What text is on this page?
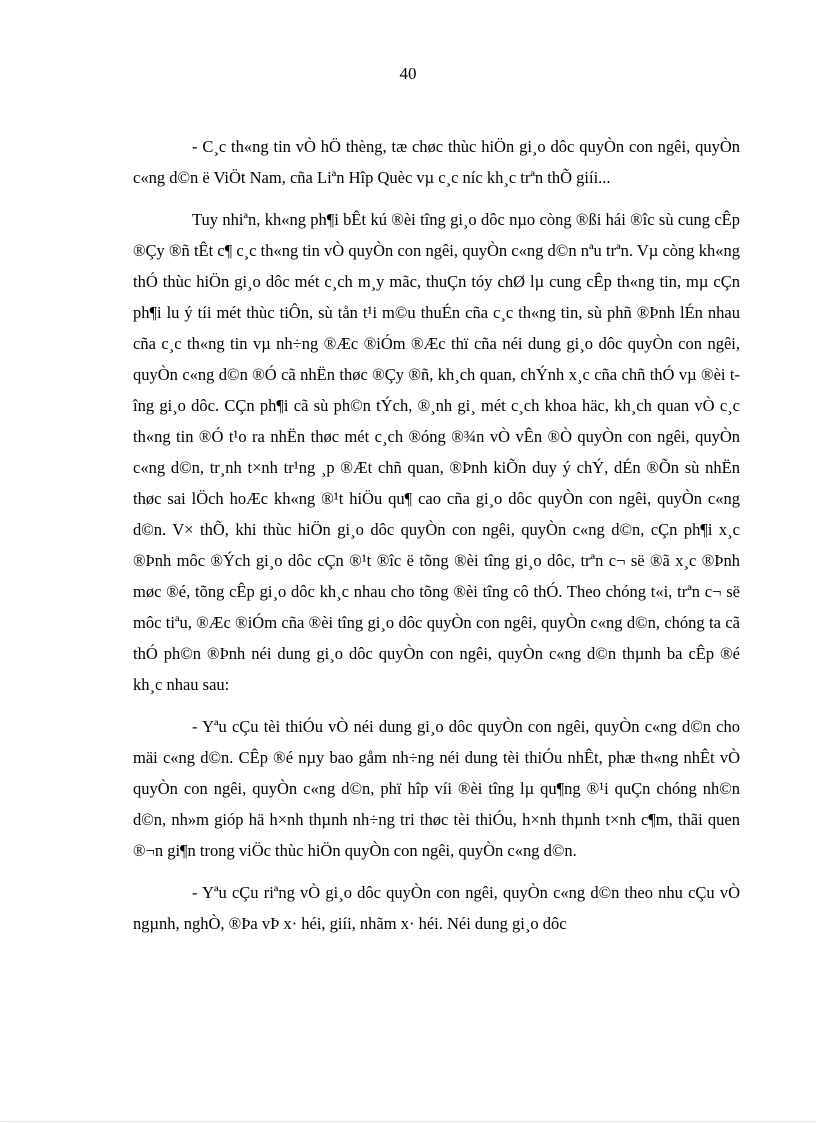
40

- C¸c th«ng tin vÒ hÖ thèng, tæ chøc thùc hiÖn gi¸o dôc quyÒn con ngêi, quyÒn c«ng d©n ë ViÖt Nam, cña Liªn Hîp Quèc vµ c¸c níc kh¸c trªn thÕ giíi...

Tuy nhiªn, kh«ng ph¶i bÊt kú ®èi tîng gi¸o dôc nµo còng ®ßi hái ®îc sù cung cÊp ®Çy ®ñ tÊt c¶ c¸c th«ng tin vÒ quyÒn con ngêi, quyÒn c«ng d©n nªu trªn. Vµ còng kh«ng thÓ thùc hiÖn gi¸o dôc mét c¸ch m¸y mãc, thuÇn tóy chØ lµ cung cÊp th«ng tin, mµ cÇn ph¶i lu ý tíi mét thùc tiÔn, sù tån t¹i m©u thuÉn cña c¸c th«ng tin, sù phñ ®Þnh lÉn nhau cña c¸c th«ng tin vµ nh÷ng ®Æc ®iÓm ®Æc thï cña néi dung gi¸o dôc quyÒn con ngêi, quyÒn c«ng d©n ®Ó cã nhËn thøc ®Çy ®ñ, kh¸ch quan, chÝnh x¸c cña chñ thÓ vµ ®èi tîng gi¸o dôc. CÇn ph¶i cã sù ph©n tÝch, ®¸nh gi¸ mét c¸ch khoa häc, kh¸ch quan vÒ c¸c th«ng tin ®Ó t¹o ra nhËn thøc mét c¸ch ®óng ®¾n vÒ vÊn ®Ò quyÒn con ngêi, quyÒn c«ng d©n, tr¸nh t×nh tr¹ng ¸p ®Æt chñ quan, ®Þnh kiÕn duy ý chÝ, dÉn ®Õn sù nhËn thøc sai lÖch hoÆc kh«ng ®¹t hiÖu qu¶ cao cña gi¸o dôc quyÒn con ngêi, quyÒn c«ng d©n. V× thÕ, khi thùc hiÖn gi¸o dôc quyÒn con ngêi, quyÒn c«ng d©n, cÇn ph¶i x¸c ®Þnh môc ®Ých gi¸o dôc cÇn ®¹t ®îc ë tõng ®èi tîng gi¸o dôc, trªn c¬ së ®ã x¸c ®Þnh møc ®é, tõng cÊp gi¸o dôc kh¸c nhau cho tõng ®èi tîng cô thÓ. Theo chóng t«i, trªn c¬ së môc tiªu, ®Æc ®iÓm cña ®èi tîng gi¸o dôc quyÒn con ngêi, quyÒn c«ng d©n, chóng ta cã thÓ ph©n ®Þnh néi dung gi¸o dôc quyÒn con ngêi, quyÒn c«ng d©n thµnh ba cÊp ®é kh¸c nhau sau:

- Yªu cÇu tèi thiÓu vÒ néi dung gi¸o dôc quyÒn con ngêi, quyÒn c«ng d©n cho mäi c«ng d©n. CÊp ®é nµy bao gåm nh÷ng néi dung tèi thiÓu nhÊt, phæ th«ng nhÊt vÒ quyÒn con ngêi, quyÒn c«ng d©n, phï hîp víi ®èi tîng lµ qu¶ng ®¹i quÇn chóng nh©n d©n, nh»m gióp hä h×nh thµnh nh÷ng tri thøc tèi thiÓu, h×nh thµnh t×nh c¶m, thãi quen ®¬n gi¶n trong viÖc thùc hiÖn quyÒn con ngêi, quyÒn c«ng d©n.

- Yªu cÇu riªng vÒ gi¸o dôc quyÒn con ngêi, quyÒn c«ng d©n theo nhu cÇu vÒ ngµnh, nghÒ, ®Þa vÞ x· héi, giíi, nhãm x· héi. Néi dung gi¸o dôc
